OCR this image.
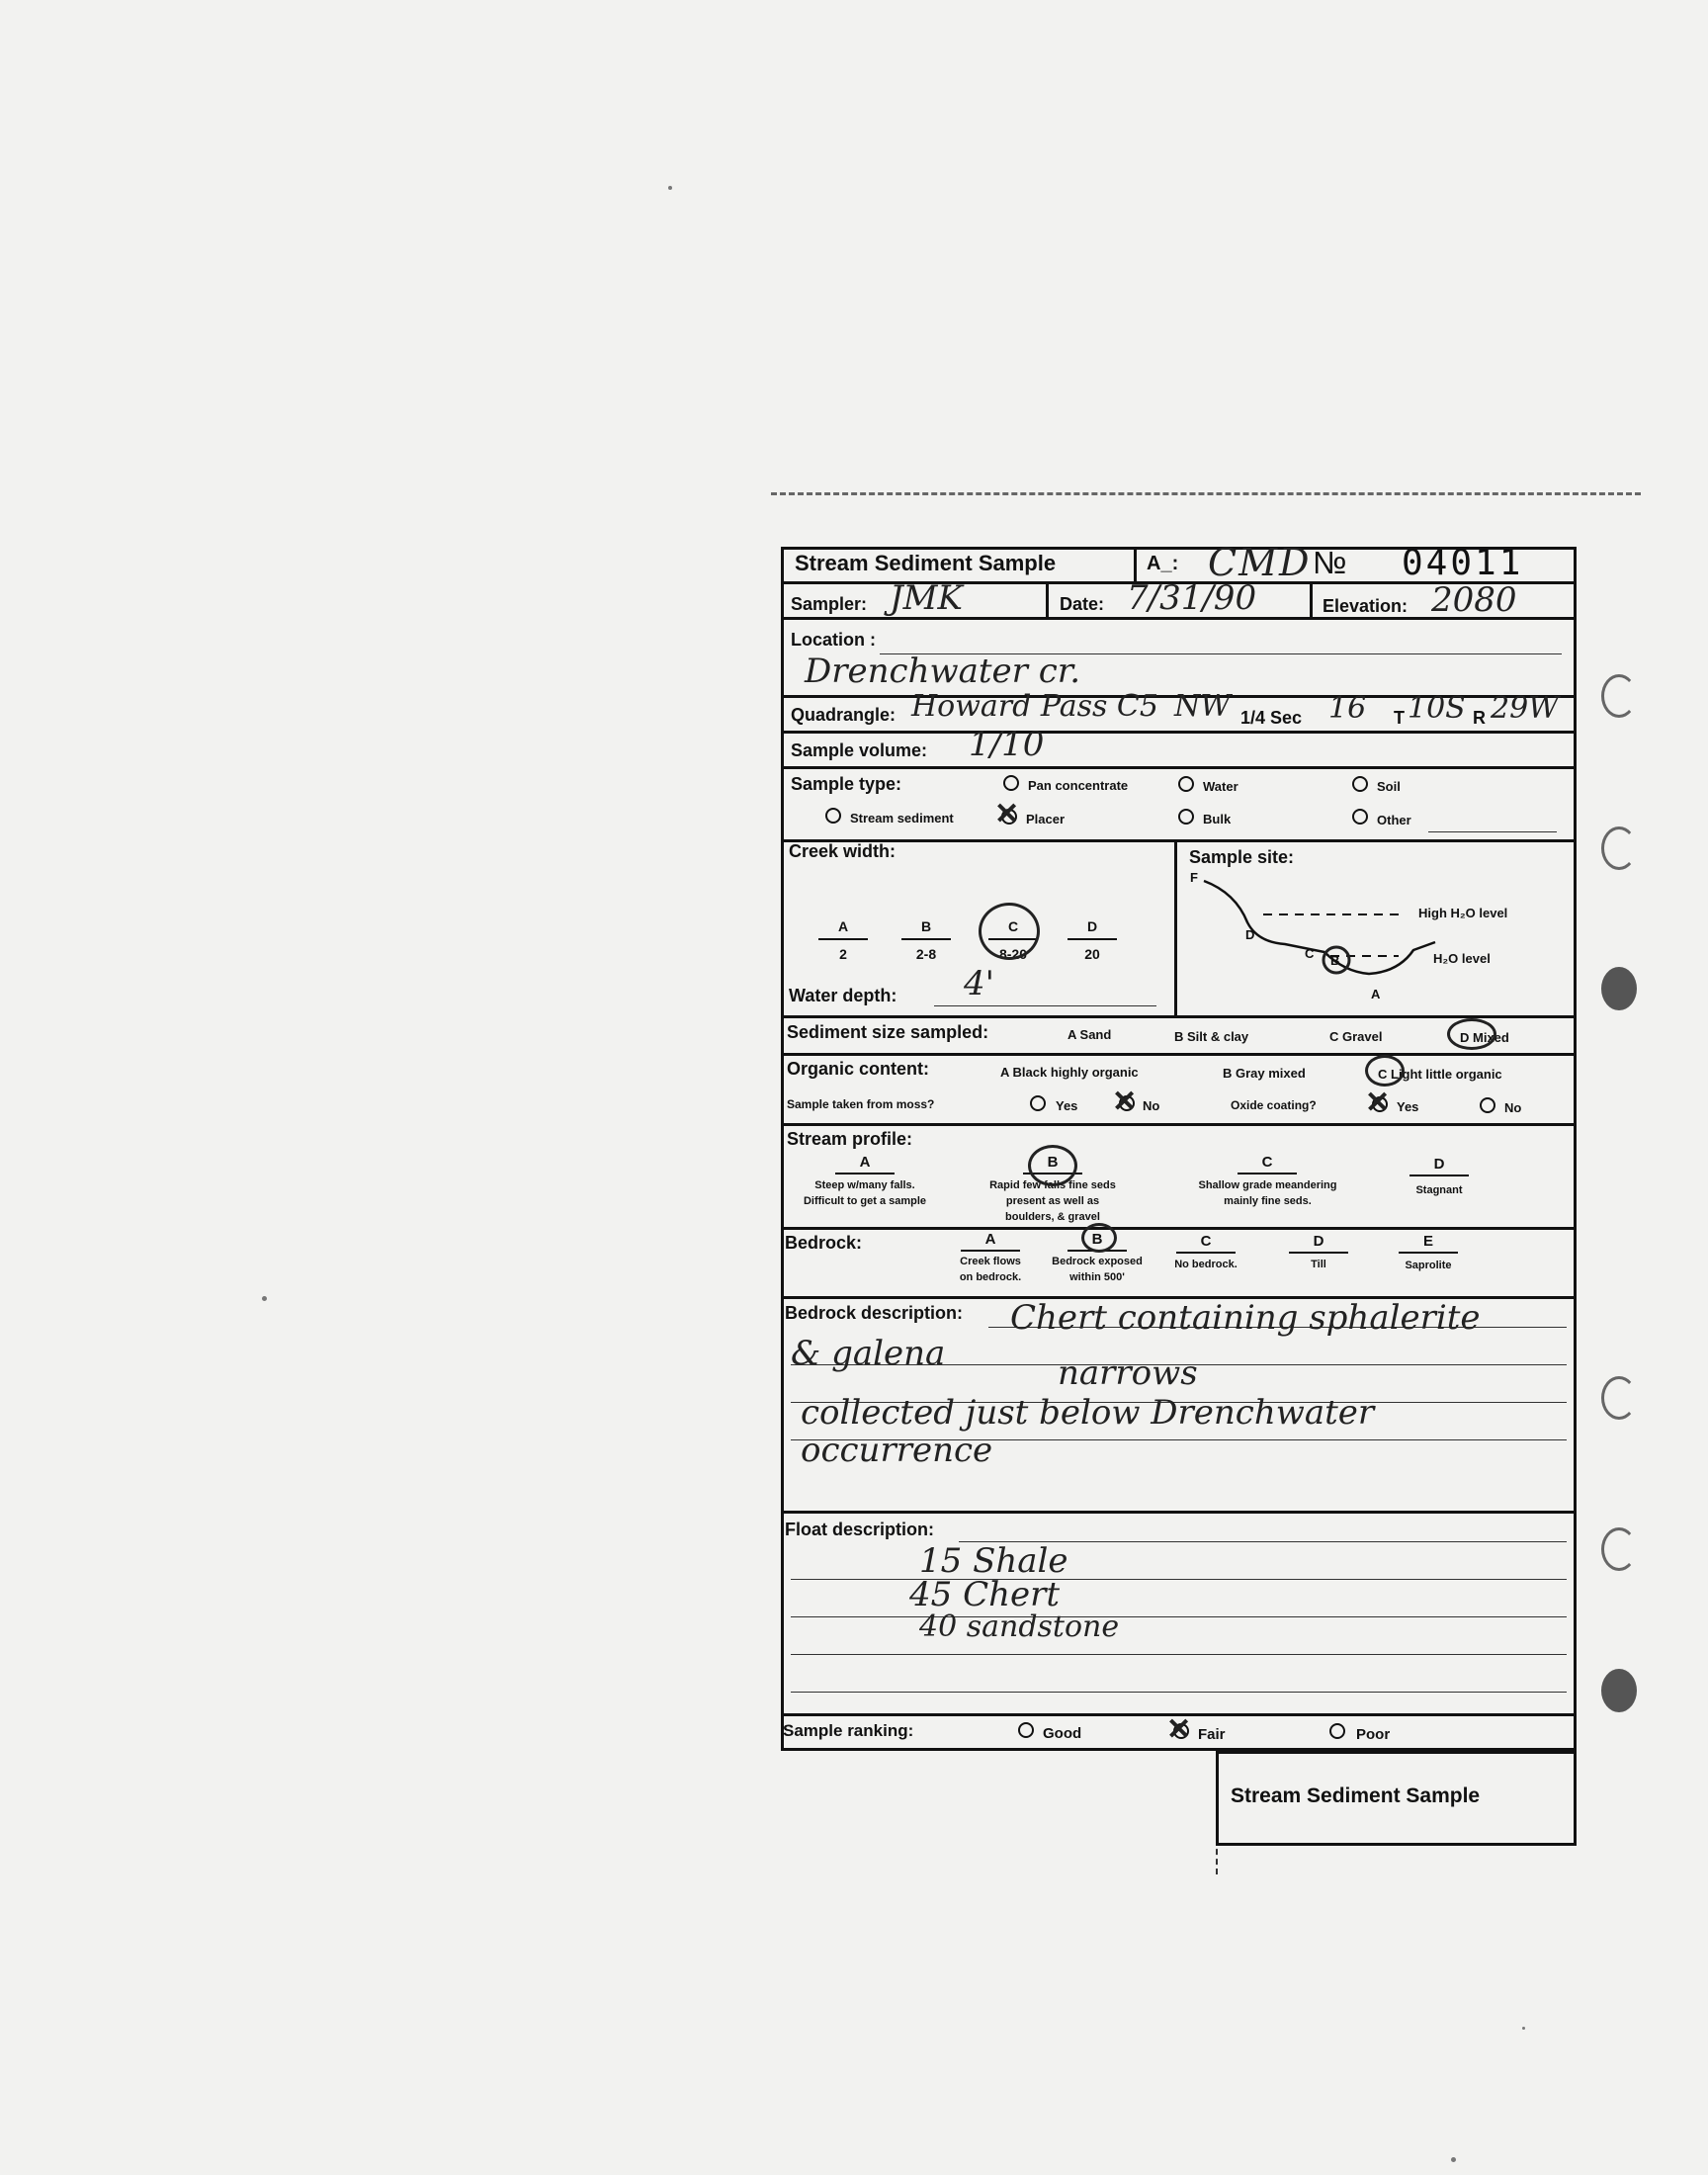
Stream Sediment Sample	A_: CMD № 04011
Sampler: JMK	Date: 7/31/90	Elevation: 2080
Location :
Drenchwater cr.
Quadrangle: Howard Pass C5 NW 1/4 Sec 16 T 10S R 29W
Sample volume: 1/10
Sample type:	Pan concentrate	Water	Soil
Stream sediment ✕ Placer	Bulk	Other
Creek width:
$\frac{A}{2} \frac{B}{2-8}$	$\frac{C}{8-20} \frac{D}{20}$
Water depth: 4'
Sample site:
F
High H₂O level
D
C B	H₂O level
A
Sediment size sampled:	A Sand	B Silt & clay	C Gravel	D Mixed
Organic content:	A Black highly organic	B Gray mixed	C Light little organic
Sample taken from moss?	Yes ✕ No	Oxide coating? ✕ Yes	No
Stream profile:
A
Steep w/many falls.
Difficult to get a sample
B
Rapid few falls fine seds
present as well as
boulders, & gravel
C
Shallow grade meandering
mainly fine seds.
D
Stagnant
Bedrock:	A
Creek flows
on bedrock.
B
Bedrock exposed
within 500'
C
No bedrock.
D
Till
E
Saprolite
Bedrock description: Chert containing sphalerite
& galena	narrows
collected just below Drenchwater
occurrence
Float description:
15 Shale
45 Chert
40 sandstone
Sample ranking:	Good	✕ Fair	Poor
Stream Sediment Sample
